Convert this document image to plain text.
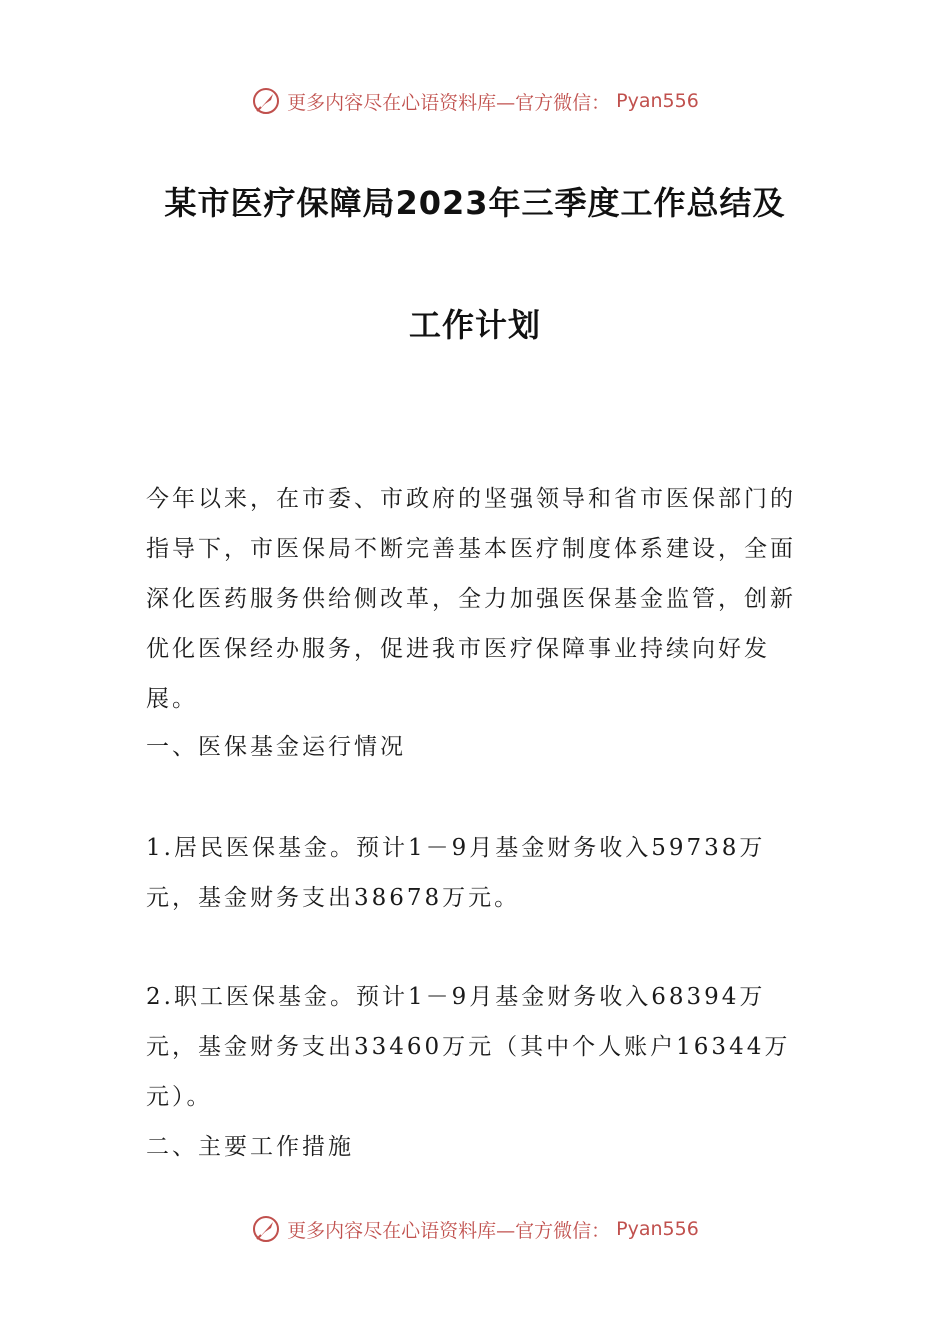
更多内容尽在心语资料库—官方微信： Pyan556
某市医疗保障局2023年三季度工作总结及
工作计划

今年以来，在市委、市政府的坚强领导和省市医保部门的指导下，市医保局不断完善基本医疗制度体系建设，全面深化医药服务供给侧改革，全力加强医保基金监管，创新优化医保经办服务，促进我市医疗保障事业持续向好发展。

一、医保基金运行情况

1.居民医保基金。预计1－9月基金财务收入59738万元，基金财务支出38678万元。

2.职工医保基金。预计1－9月基金财务收入68394万元，基金财务支出33460万元（其中个人账户16344万元）。

二、主要工作措施

更多内容尽在心语资料库—官方微信： Pyan556
